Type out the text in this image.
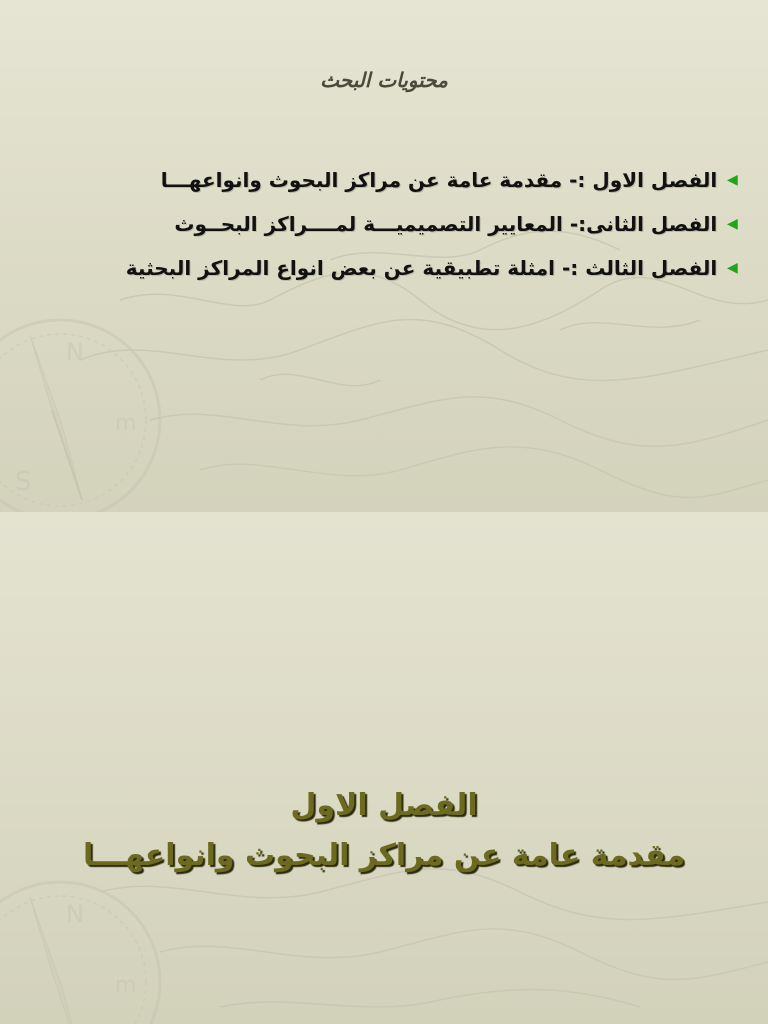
S
N
m
محتويات البحث
▶
الفصل الاول :- مقدمة عامة عن مراكز البحوث وانواعهـــا
▶
الفصل الثانى:- المعايير التصميميـــة لمــــراكز البحــوث
▶
الفصل الثالث :- امثلة تطبيقية عن بعض انواع المراكز البحثية
N
m
الفصل الاول
مقدمة عامة عن مراكز البحوث وانواعهـــا
